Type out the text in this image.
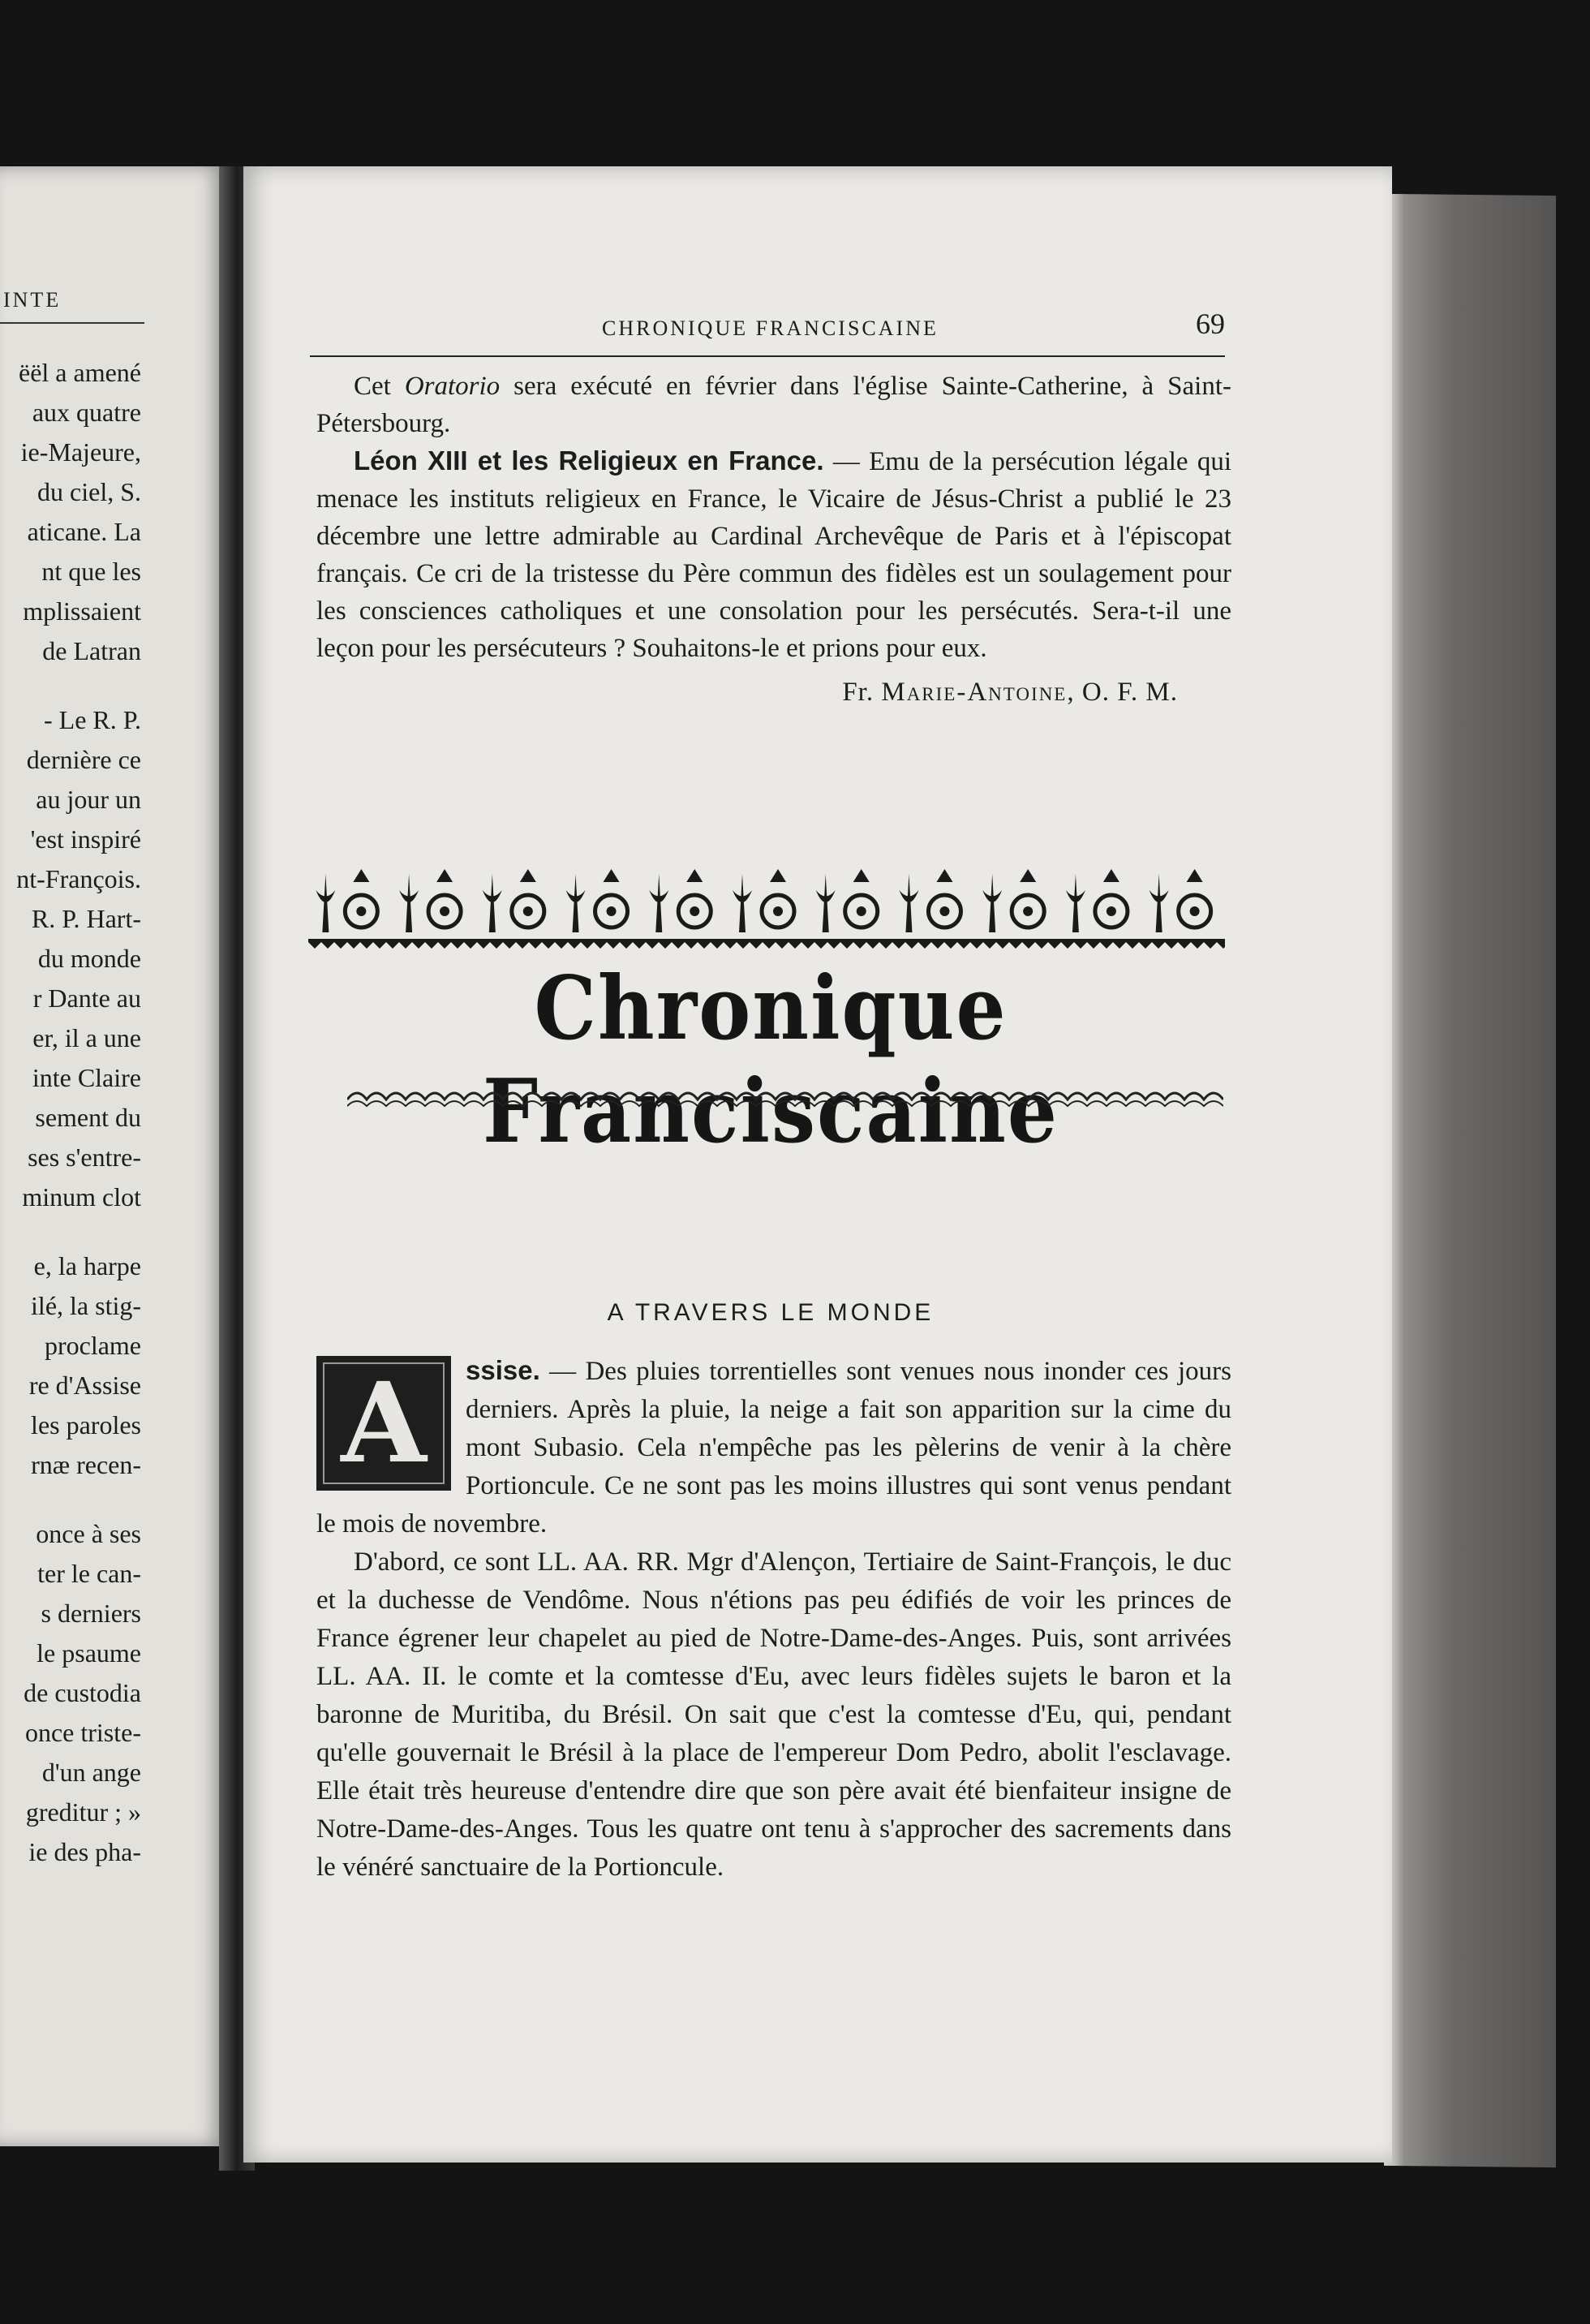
INTE
ëël a amené
aux quatre
ie-Majeure,
du ciel, S.
aticane. La
nt que les
mplissaient
de Latran
- Le R. P.
dernière ce
au jour un
'est inspiré
nt-François.
R. P. Hart-
du monde
r Dante au
er, il a une
inte Claire
sement du
ses s'entre-
minum clot
e, la harpe
ilé, la stig-
proclame
re d'Assise
les paroles
rnæ recen-
once à ses
ter le can-
s derniers
le psaume
de custodia
once triste-
d'un ange
greditur ; »
ie des pha-
CHRONIQUE FRANCISCAINE	69

Cet Oratorio sera exécuté en février dans l'église Sainte-Catherine, à Saint-Pétersbourg.

Léon XIII et les Religieux en France. — Emu de la persécution légale qui menace les instituts religieux en France, le Vicaire de Jésus-Christ a publié le 23 décembre une lettre admirable au Cardinal Archevêque de Paris et à l'épiscopat français. Ce cri de la tristesse du Père commun des fidèles est un soulagement pour les consciences catholiques et une consolation pour les persécutés. Sera-t-il une leçon pour les persécuteurs ? Souhaitons-le et prions pour eux.

Fr. Marie-Antoine, O. F. M.

Chronique Franciscaine
A TRAVERS LE MONDE

A	ssise. — Des pluies torrentielles sont venues nous inonder ces jours derniers. Après la pluie, la neige a fait son apparition sur la cime du mont Subasio. Cela n'empêche pas les pèlerins de venir à la chère Portioncule. Ce ne sont pas les moins illustres qui sont venus pendant le mois de novembre.

D'abord, ce sont LL. AA. RR. Mgr d'Alençon, Tertiaire de Saint-François, le duc et la duchesse de Vendôme. Nous n'étions pas peu édifiés de voir les princes de France égrener leur chapelet au pied de Notre-Dame-des-Anges. Puis, sont arrivées LL. AA. II. le comte et la comtesse d'Eu, avec leurs fidèles sujets le baron et la baronne de Muritiba, du Brésil. On sait que c'est la comtesse d'Eu, qui, pendant qu'elle gouvernait le Brésil à la place de l'empereur Dom Pedro, abolit l'esclavage. Elle était très heureuse d'entendre dire que son père avait été bienfaiteur insigne de Notre-Dame-des-Anges. Tous les quatre ont tenu à s'approcher des sacrements dans le vénéré sanctuaire de la Portioncule.
